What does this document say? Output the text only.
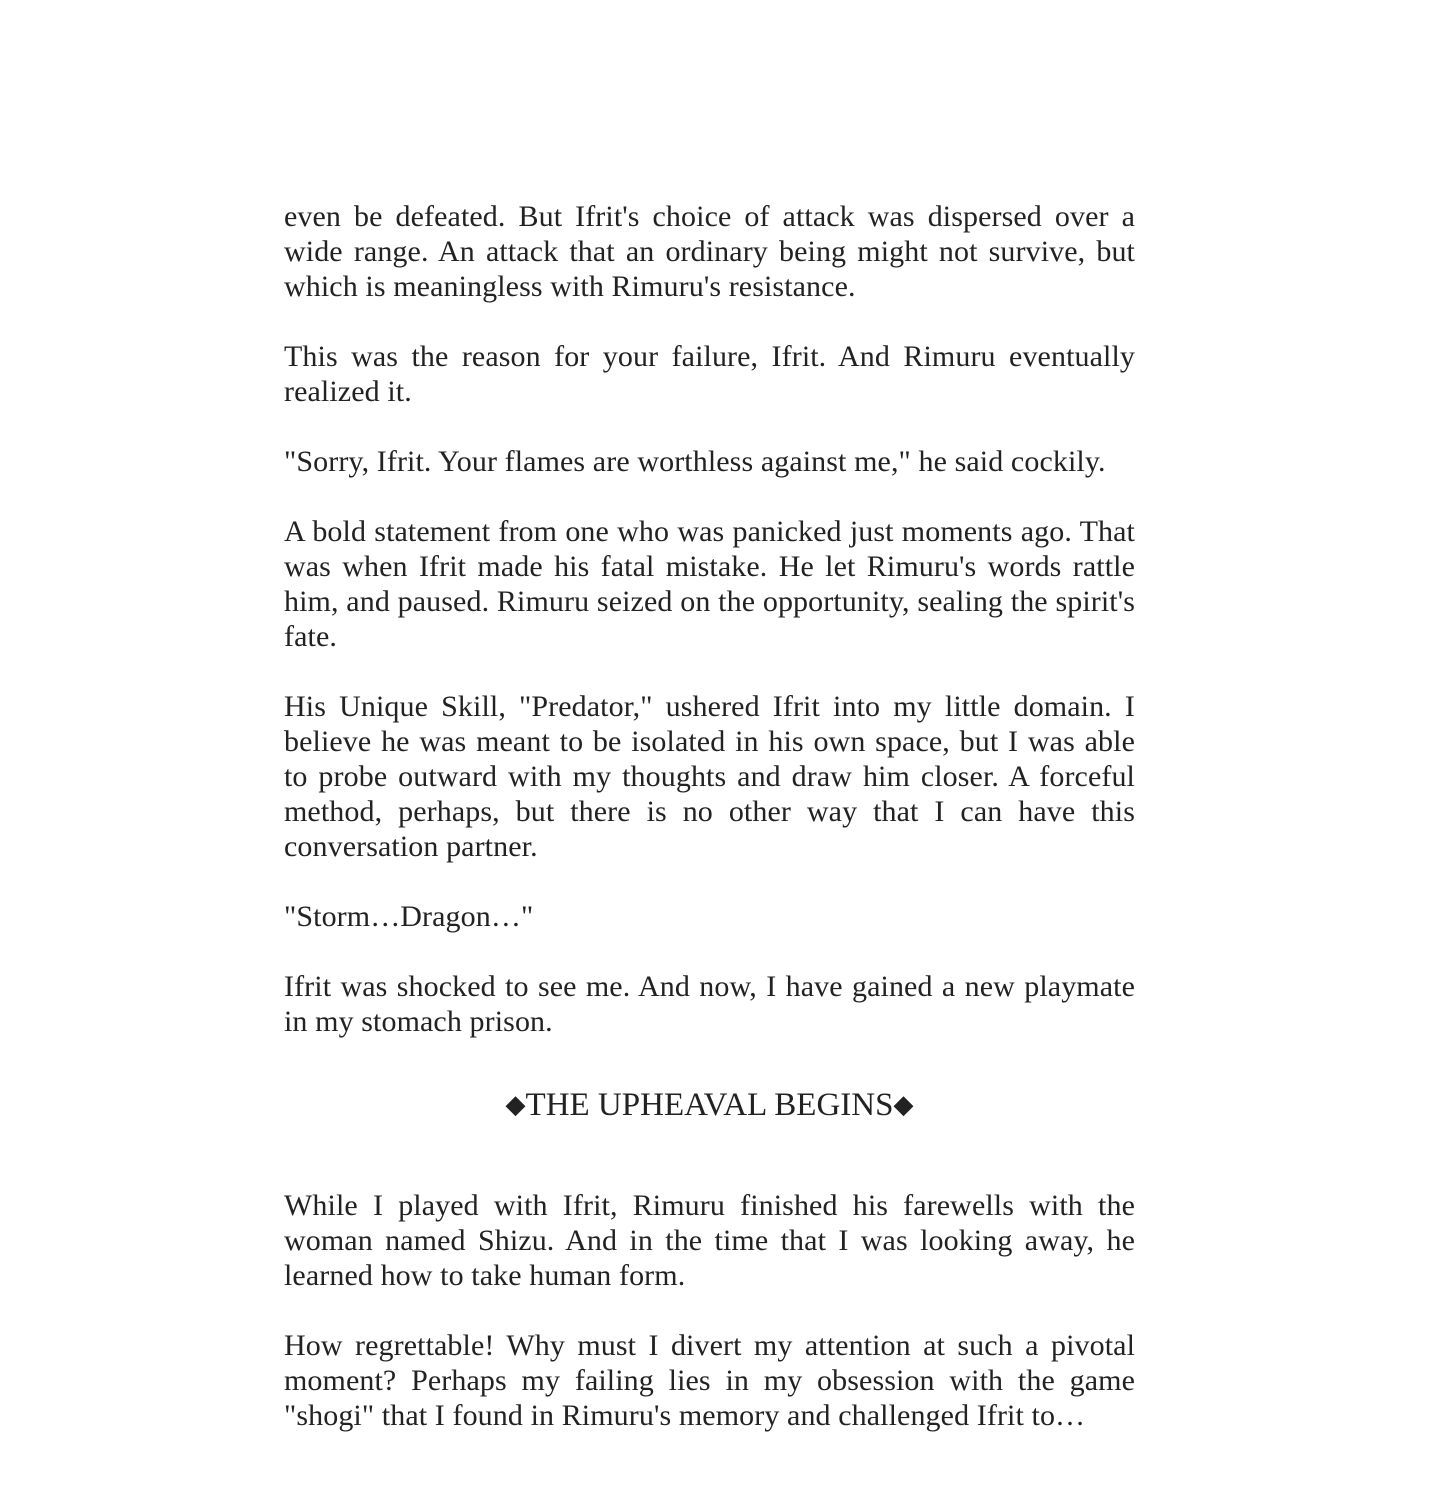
even be defeated. But Ifrit's choice of attack was dispersed over a wide range. An attack that an ordinary being might not survive, but which is meaningless with Rimuru's resistance.

This was the reason for your failure, Ifrit. And Rimuru eventually realized it.

"Sorry, Ifrit. Your flames are worthless against me," he said cockily.

A bold statement from one who was panicked just moments ago. That was when Ifrit made his fatal mistake. He let Rimuru's words rattle him, and paused. Rimuru seized on the opportunity, sealing the spirit's fate.

His Unique Skill, "Predator," ushered Ifrit into my little domain. I believe he was meant to be isolated in his own space, but I was able to probe outward with my thoughts and draw him closer. A forceful method, perhaps, but there is no other way that I can have this conversation partner.

"Storm…Dragon…"

Ifrit was shocked to see me. And now, I have gained a new playmate in my stomach prison.

◆THE UPHEAVAL BEGINS◆

While I played with Ifrit, Rimuru finished his farewells with the woman named Shizu. And in the time that I was looking away, he learned how to take human form.

How regrettable! Why must I divert my attention at such a pivotal moment? Perhaps my failing lies in my obsession with the game "shogi" that I found in Rimuru's memory and challenged Ifrit to…
